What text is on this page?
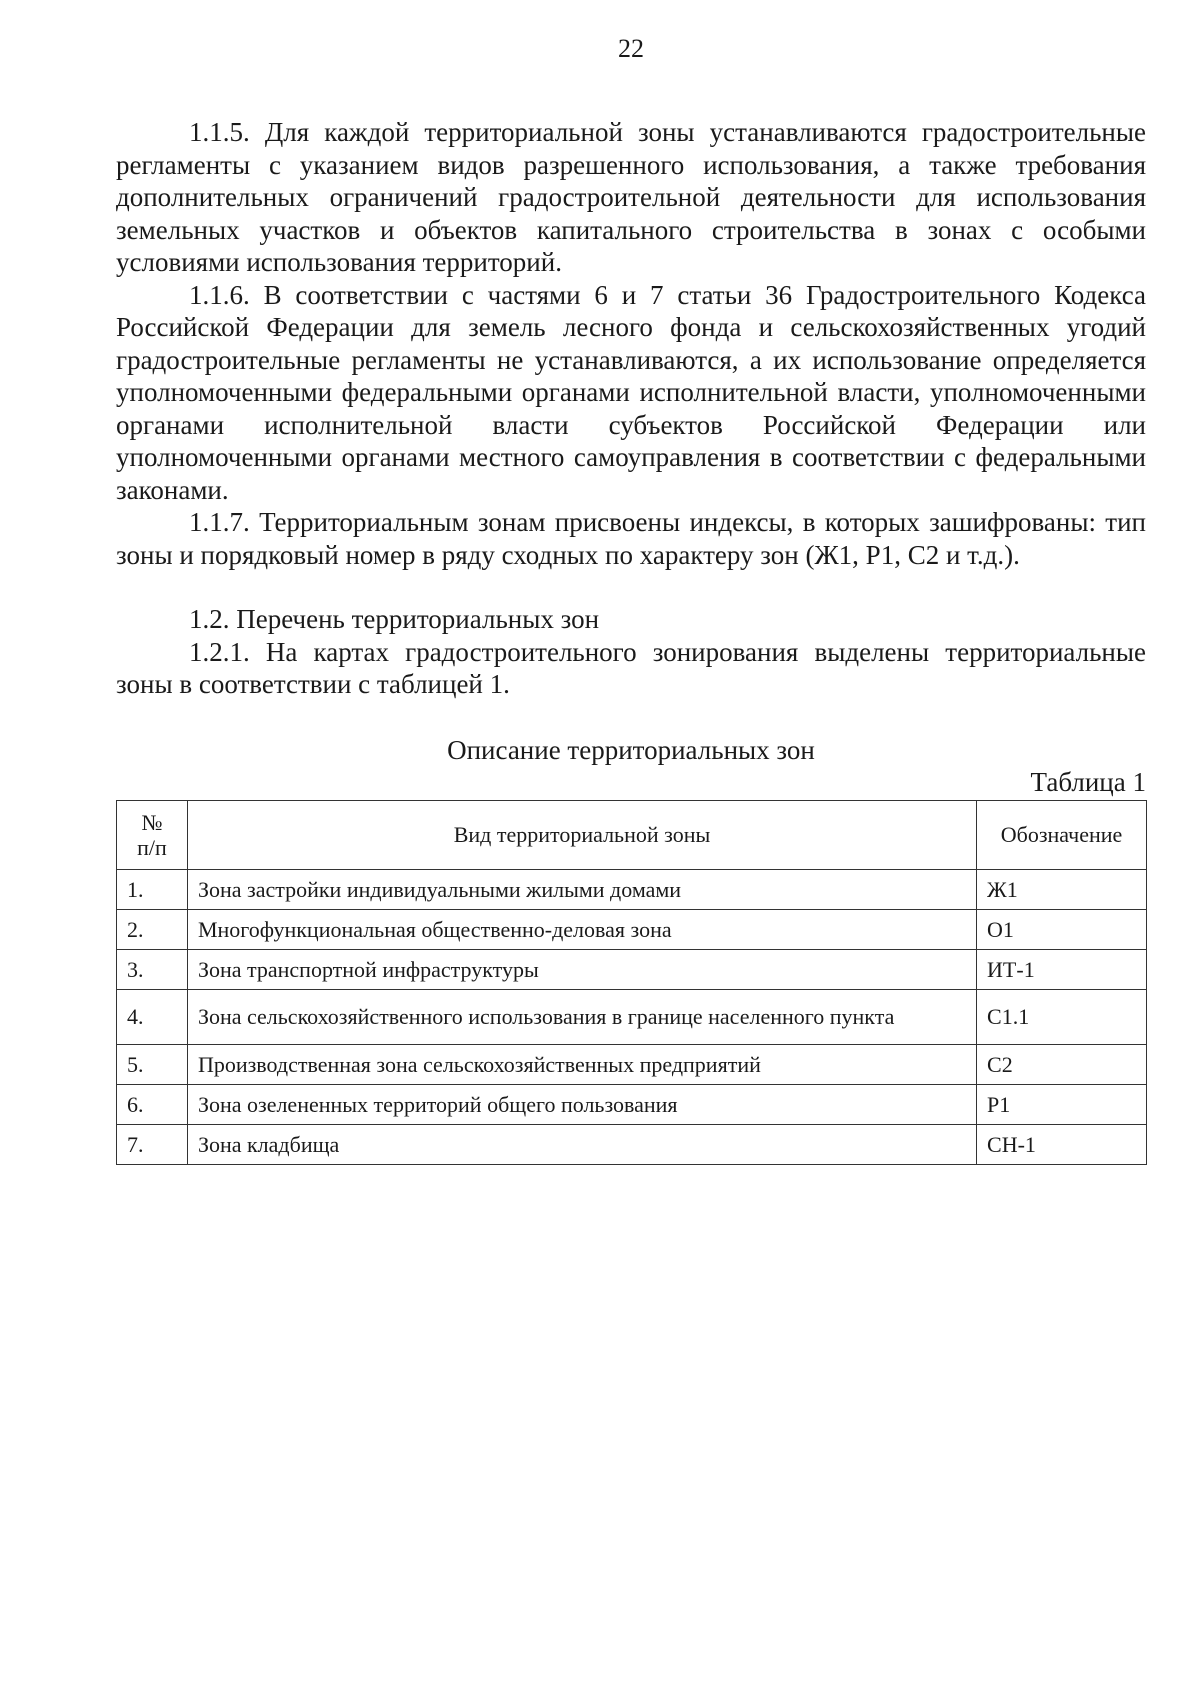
22

1.1.5. Для каждой территориальной зоны устанавливаются градостроительные регламенты с указанием видов разрешенного использования, а также требования дополнительных ограничений градостроительной деятельности для использования земельных участков и объектов капитального строительства в зонах с особыми условиями использования территорий.

1.1.6. В соответствии с частями 6 и 7 статьи 36 Градостроительного Кодекса Российской Федерации для земель лесного фонда и сельскохозяйственных угодий градостроительные регламенты не устанавливаются, а их использование определяется уполномоченными федеральными органами исполнительной власти, уполномоченными органами исполнительной власти субъектов Российской Федерации или уполномоченными органами местного самоуправления в соответствии с федеральными законами.

1.1.7. Территориальным зонам присвоены индексы, в которых зашифрованы: тип зоны и порядковый номер в ряду сходных по характеру зон (Ж1, Р1, С2 и т.д.).

1.2. Перечень территориальных зон

1.2.1. На картах градостроительного зонирования выделены территориальные зоны в соответствии с таблицей 1.

Описание территориальных зон
Таблица 1
№
п/п	Вид территориальной зоны	Обозначение
1.	Зона застройки индивидуальными жилыми домами	Ж1
2.	Многофункциональная общественно-деловая зона	О1
3.	Зона транспортной инфраструктуры	ИТ-1
4.	Зона сельскохозяйственного использования в границе населенного пункта	С1.1
5.	Производственная зона сельскохозяйственных предприятий	С2
6.	Зона озелененных территорий общего пользования	Р1
7.	Зона кладбища	СН-1
